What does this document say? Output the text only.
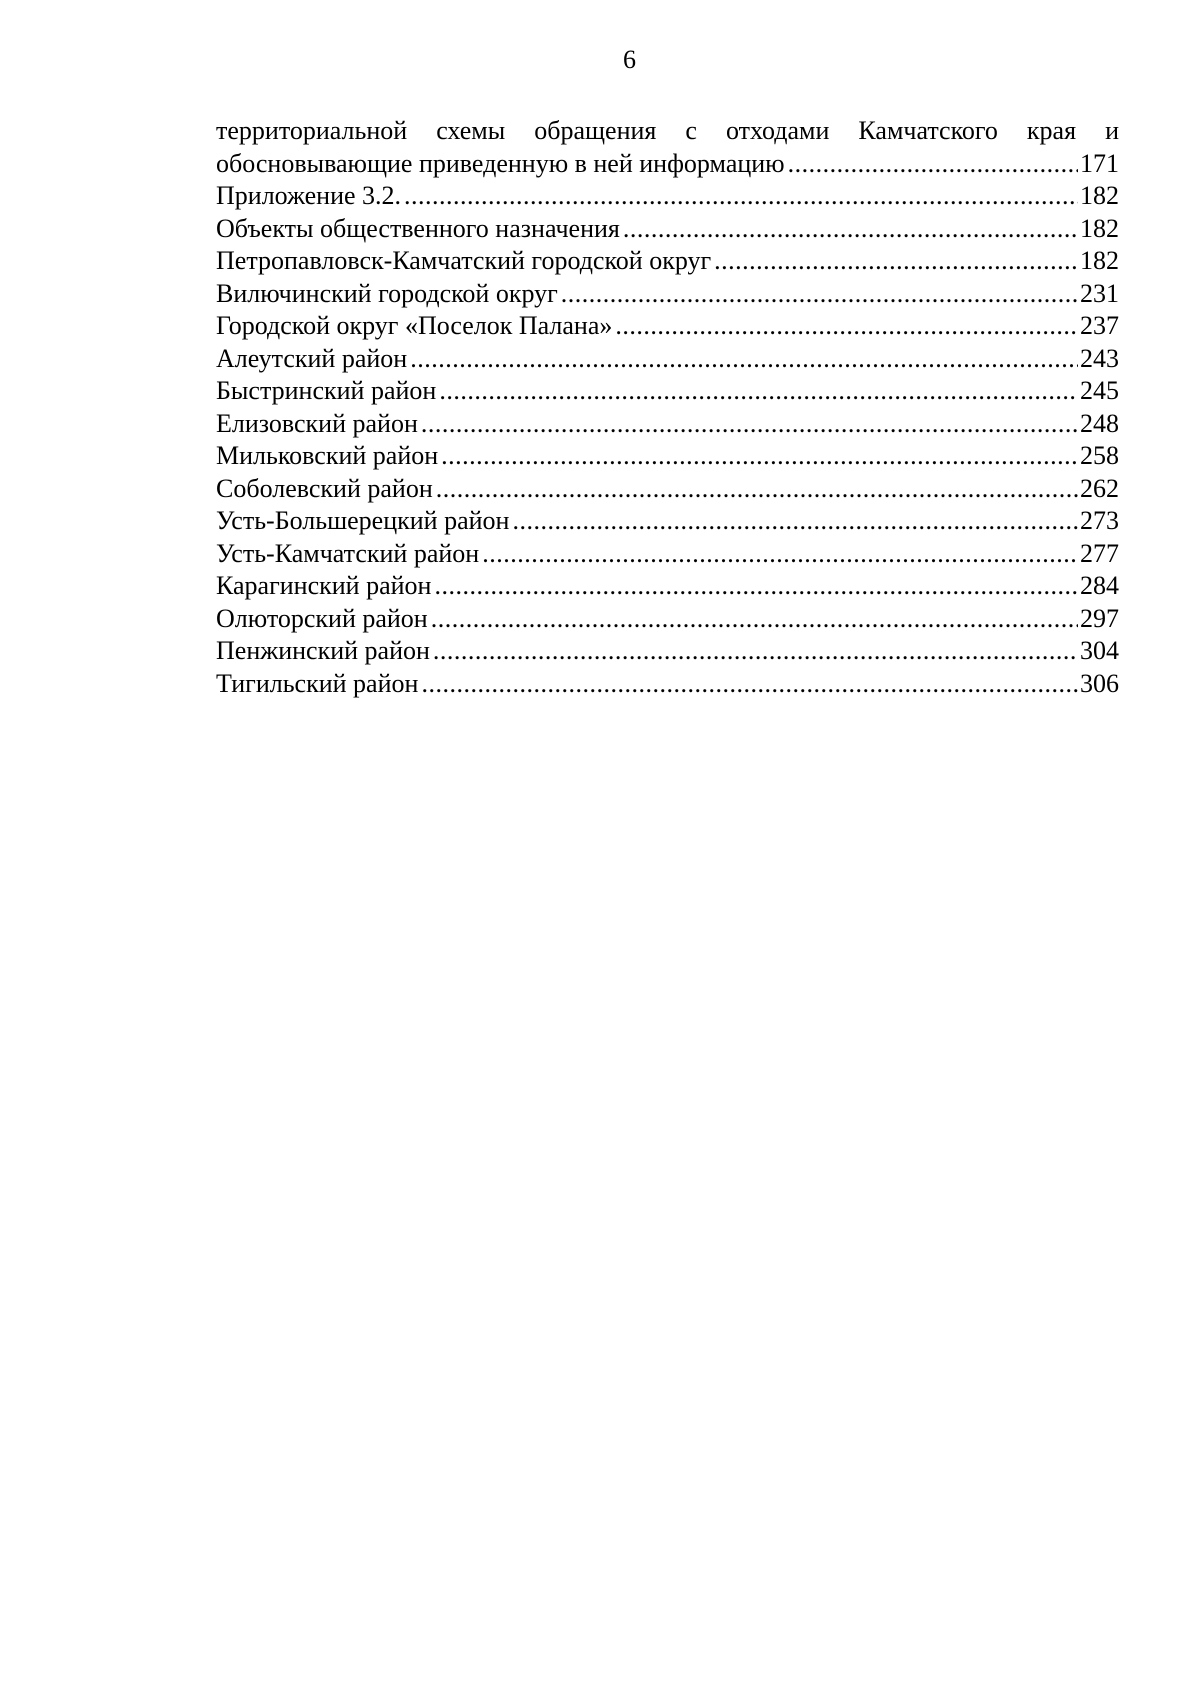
6
территориальной схемы обращения с отходами Камчатского края и
обосновывающие приведенную в ней информацию .....	171
Приложение 3.2. .....	182
Объекты общественного назначения .....	182
Петропавловск-Камчатский городской округ .....	182
Вилючинский городской округ .....	231
Городской округ «Поселок Палана» .....	237
Алеутский район .....	243
Быстринский район .....	245
Елизовский район .....	248
Мильковский район .....	258
Соболевский район .....	262
Усть-Большерецкий район .....	273
Усть-Камчатский район .....	277
Карагинский район .....	284
Олюторский район .....	297
Пенжинский район .....	304
Тигильский район .....	306
